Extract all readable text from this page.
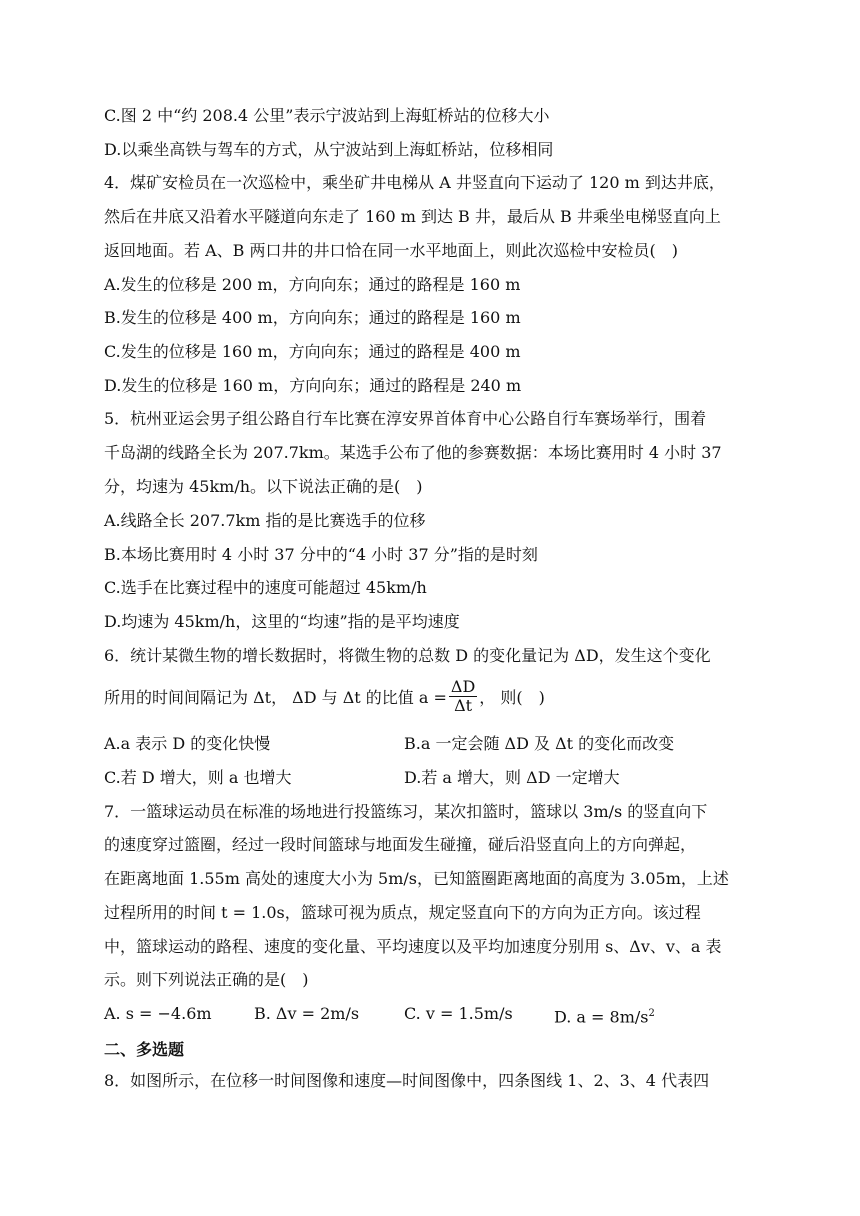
C.图 2 中“约 208.4 公里”表示宁波站到上海虹桥站的位移大小
D.以乘坐高铁与驾车的方式，从宁波站到上海虹桥站，位移相同
4．煤矿安检员在一次巡检中，乘坐矿井电梯从 A 井竖直向下运动了 120 m 到达井底，
然后在井底又沿着水平隧道向东走了 160 m 到达 B 井，最后从 B 井乘坐电梯竖直向上
返回地面。若 A、B 两口井的井口恰在同一水平地面上，则此次巡检中安检员(　)
A.发生的位移是 200 m，方向向东；通过的路程是 160 m
B.发生的位移是 400 m，方向向东；通过的路程是 160 m
C.发生的位移是 160 m，方向向东；通过的路程是 400 m
D.发生的位移是 160 m，方向向东；通过的路程是 240 m
5．杭州亚运会男子组公路自行车比赛在淳安界首体育中心公路自行车赛场举行，围着
千岛湖的线路全长为 207.7km。某选手公布了他的参赛数据：本场比赛用时 4 小时 37
分，均速为 45km/h。以下说法正确的是(　)
A.线路全长 207.7km 指的是比赛选手的位移
B.本场比赛用时 4 小时 37 分中的“4 小时 37 分”指的是时刻
C.选手在比赛过程中的速度可能超过 45km/h
D.均速为 45km/h，这里的“均速”指的是平均速度
6．统计某微生物的增长数据时，将微生物的总数 D 的变化量记为 ΔD，发生这个变化
所用的时间间隔记为 Δt， ΔD 与 Δt 的比值 $a = \frac{\Delta D}{\Delta t}$ ， 则(　)
A.a 表示 D 的变化快慢	B.a 一定会随 ΔD 及 Δt 的变化而改变
C.若 D 增大，则 a 也增大	D.若 a 增大，则 ΔD 一定增大
7．一篮球运动员在标准的场地进行投篮练习，某次扣篮时，篮球以 3m/s 的竖直向下
的速度穿过篮圈，经过一段时间篮球与地面发生碰撞，碰后沿竖直向上的方向弹起，
在距离地面 1.55m 高处的速度大小为 5m/s，已知篮圈距离地面的高度为 3.05m，上述
过程所用的时间 t = 1.0s，篮球可视为质点，规定竖直向下的方向为正方向。该过程
中，篮球运动的路程、速度的变化量、平均速度以及平均加速度分别用 s、Δv、v、a 表
示。则下列说法正确的是(　)
A. s = −4.6m	B. Δv = 2m/s	C. v = 1.5m/s	D. $a = 8m/s^2$
二、多选题
8．如图所示，在位移一时间图像和速度—时间图像中，四条图线 1、2、3、4 代表四
